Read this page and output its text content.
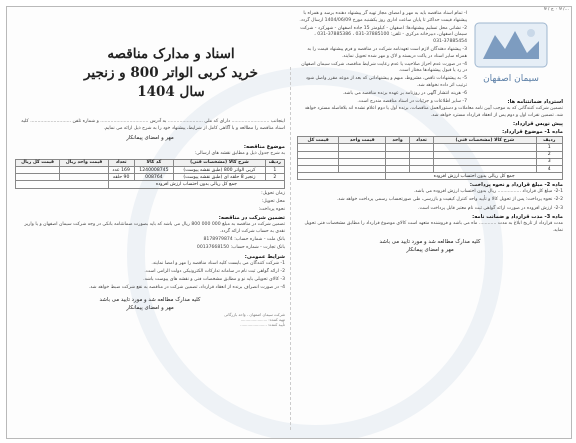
…/ 9 ٠ ج / 9
سیمان اصفهان

ا- تمام اسناد مناقصه باید به مهر و امضای مجاز تهیه گر پیشنهاد دهنده برسد و همراه با پیشنهاد قیمت حداکثر تا پایان ساعت اداری روز یکشنبه مورخ 1404/06/09 ارسال گردد.

2- نشانی محل تسلیم پیشنهادها: اصفهان - کیلومتر 15 جاده اصفهان - شهرکرد - شرکت سیمان اصفهان، دبیرخانه مرکزی - تلفن: 37885100-031 ، 37885386-031 ، 37885454-031

3- پیشنهاد دهندگان لازم است تعهدنامه شرکت در مناقصه و فرم پیشنهاد قیمت را به همراه سایر اسناد در پاکت دربسته و لاک و مهر شده تحویل نمایند.

4- در صورت عدم احراز صلاحیت یا عدم رعایت شرایط مناقصه، شرکت سیمان اصفهان در رد یا قبول پیشنهادها مختار است.

5- به پیشنهادات ناقص، مشروط، مبهم و پیشنهاداتی که بعد از موعد مقرر واصل شود ترتیب اثر داده نخواهد شد.

6- هزینه انتشار آگهی در روزنامه بر عهده برنده مناقصه می باشد.

7- سایر اطلاعات و جزئیات در اسناد مناقصه مندرج است.	استرداد ضمانتنامه ها:

تضمین شرکت کنندگانی که به موجب آیین نامه معاملات و دستورالعمل مناقصات، برنده اول یا دوم اعلام نشده اند بلافاصله مسترد خواهد شد. تضمین نفرات اول و دوم پس از انعقاد قرارداد مسترد خواهد شد.

پیش نویس قرارداد:
ماده 1- موضوع قرارداد:
ردیف	شرح کالا (مشخصات فنی)	تعداد	واحد	قیمت واحد	قیمت کل
1					
2					
3					
4					
جمع کل ریالی بدون احتساب ارزش افزوده					
ماده 2- مبلغ قرارداد و نحوه پرداخت:

2-1- مبلغ کل قرارداد ................ ریال بدون احتساب ارزش افزوده می باشد.

2-2- نحوه پرداخت: پس از تحویل کالا و تأیید واحد کنترل کیفیت و بازرسی، طی صورتحساب رسمی پرداخت خواهد شد.

2-3- ارزش افزوده در صورت ارائه گواهی ثبت نام معتبر قابل پرداخت است.

ماده 3- مدت قرارداد و ضمانت نامه:

مدت قرارداد از تاریخ ابلاغ به مدت ............ ماه می باشد و فروشنده متعهد است کالای موضوع قرارداد را مطابق مشخصات فنی تحویل نماید.

کلیه مدارک مطالعه شد و مورد تایید می باشد
مهر و امضای پیمانکار
اسناد و مدارک مناقصه
خرید کربی الواتر 800 و زنجیر
سال 1404

اینجانب .......................... دارای کد ملی ........................ به آدرس ................................. و شماره تلفن ............................ کلیه اسناد مناقصه را مطالعه و با آگاهی کامل از شرایط، پیشنهاد خود را به شرح ذیل ارائه می نمایم.

مهر و امضای پیمانکار
موضوع مناقصه:

به شرح جدول ذیل و مطابق نقشه های ارسالی:

ردیف	شرح کالا (مشخصات فنی)	کد کالا	تعداد	قیمت واحد ریال	قیمت کل ریال
1	کربی الواتر 800 (طبق نقشه پیوست)	1240008745	169 عدد		
2	زنجیر 8 حلقه ای (طبق نقشه پیوست)	008764	90 حلقه		
جمع کل ریالی بدون احتساب ارزش افزوده					

زمان تحویل:

محل تحویل:

نحوه پرداخت:

تضمین شرکت در مناقصه:

تضمین شرکت در مناقصه به مبلغ 000 000 800 ریال می باشد که باید بصورت ضمانتنامه بانکی در وجه شرکت سیمان اصفهان و یا واریز نقدی به حساب شرکت ارائه گردد.

بانک ملت - شماره حساب: 8178979874

بانک تجارت - شماره حساب: 00137668150

شرایط عمومی:

1- شرکت کنندگان می بایست کلیه اسناد مناقصه را مهر و امضا نمایند.

2- ارائه گواهی ثبت نام در سامانه تدارکات الکترونیکی دولت الزامی است.

3- کالای تحویلی باید نو و مطابق مشخصات فنی و نقشه های پیوست باشد.

4- در صورت انصراف برنده از انعقاد قرارداد، تضمین شرکت در مناقصه به نفع شرکت ضبط خواهد شد.

کلیه مدارک مطالعه شد و مورد تایید می باشد
مهر و امضای پیمانکار
شرکت سیمان اصفهان - واحد بازرگانی
تهیه کننده: ......................
تأیید کننده: ......................
